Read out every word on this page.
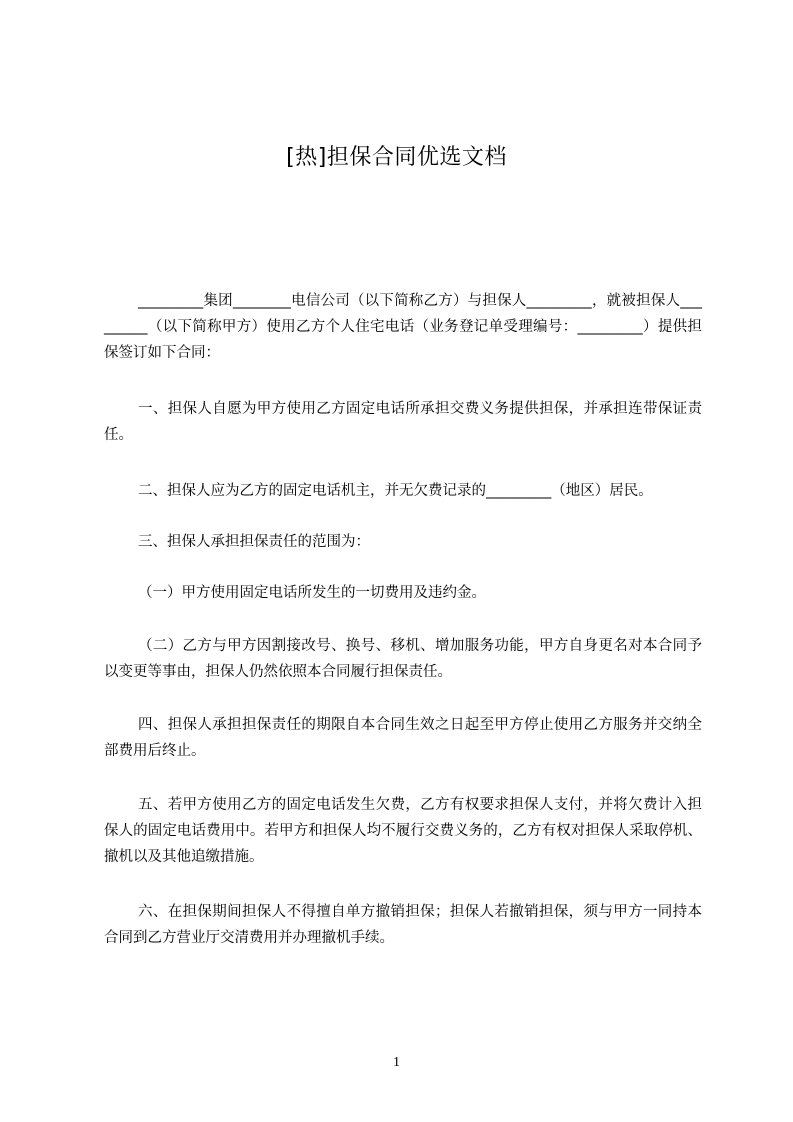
[热]担保合同优选文档
_________集团________电信公司（以下简称乙方）与担保人_________，就被担保人_________（以下简称甲方）使用乙方个人住宅电话（业务登记单受理编号：_________）提供担保签订如下合同：
一、担保人自愿为甲方使用乙方固定电话所承担交费义务提供担保，并承担连带保证责任。
二、担保人应为乙方的固定电话机主，并无欠费记录的_________（地区）居民。
三、担保人承担担保责任的范围为：
（一）甲方使用固定电话所发生的一切费用及违约金。
（二）乙方与甲方因割接改号、换号、移机、增加服务功能，甲方自身更名对本合同予以变更等事由，担保人仍然依照本合同履行担保责任。
四、担保人承担担保责任的期限自本合同生效之日起至甲方停止使用乙方服务并交纳全部费用后终止。
五、若甲方使用乙方的固定电话发生欠费，乙方有权要求担保人支付，并将欠费计入担保人的固定电话费用中。若甲方和担保人均不履行交费义务的，乙方有权对担保人采取停机、撤机以及其他追缴措施。
六、在担保期间担保人不得擅自单方撤销担保；担保人若撤销担保，须与甲方一同持本合同到乙方营业厅交清费用并办理撤机手续。
1
